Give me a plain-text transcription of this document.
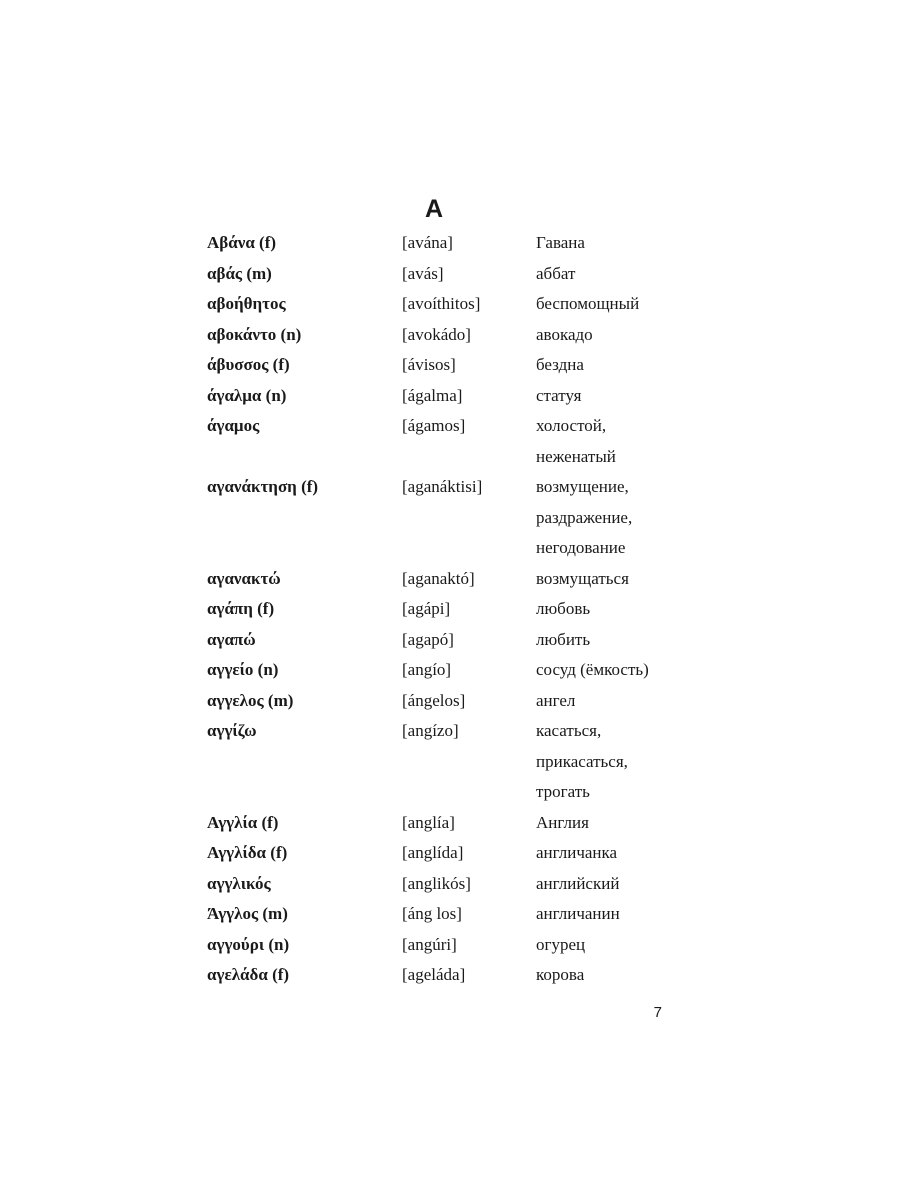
A
Αβάνα (f)	[avána]	Гавана
αβάς (m)	[avás]	аббат
αβοήθητος	[avoíthitos]	беспомощный
αβοκάντο (n)	[avokádo]	авокадо
άβυσσος (f)	[ávisos]	бездна
άγαλμα (n)	[ágalma]	статуя
άγαμος	[ágamos]	холостой,
неженатый
αγανάκτηση (f)	[aganáktisi]	возмущение,
раздражение,
негодование
αγανακτώ	[aganaktó]	возмущаться
αγάπη (f)	[agápi]	любовь
αγαπώ	[agapó]	любить
αγγείο (n)	[angío]	сосуд (ёмкость)
αγγελος (m)	[ángelos]	ангел
αγγίζω	[angízo]	касаться,
прикасаться,
трогать
Αγγλία (f)	[anglía]	Англия
Αγγλίδα (f)	[anglída]	англичанка
αγγλικός	[anglikós]	английский
Άγγλος (m)	[áng los]	англичанин
αγγούρι (n)	[angúri]	огурец
αγελάδα (f)	[ageláda]	корова
7
